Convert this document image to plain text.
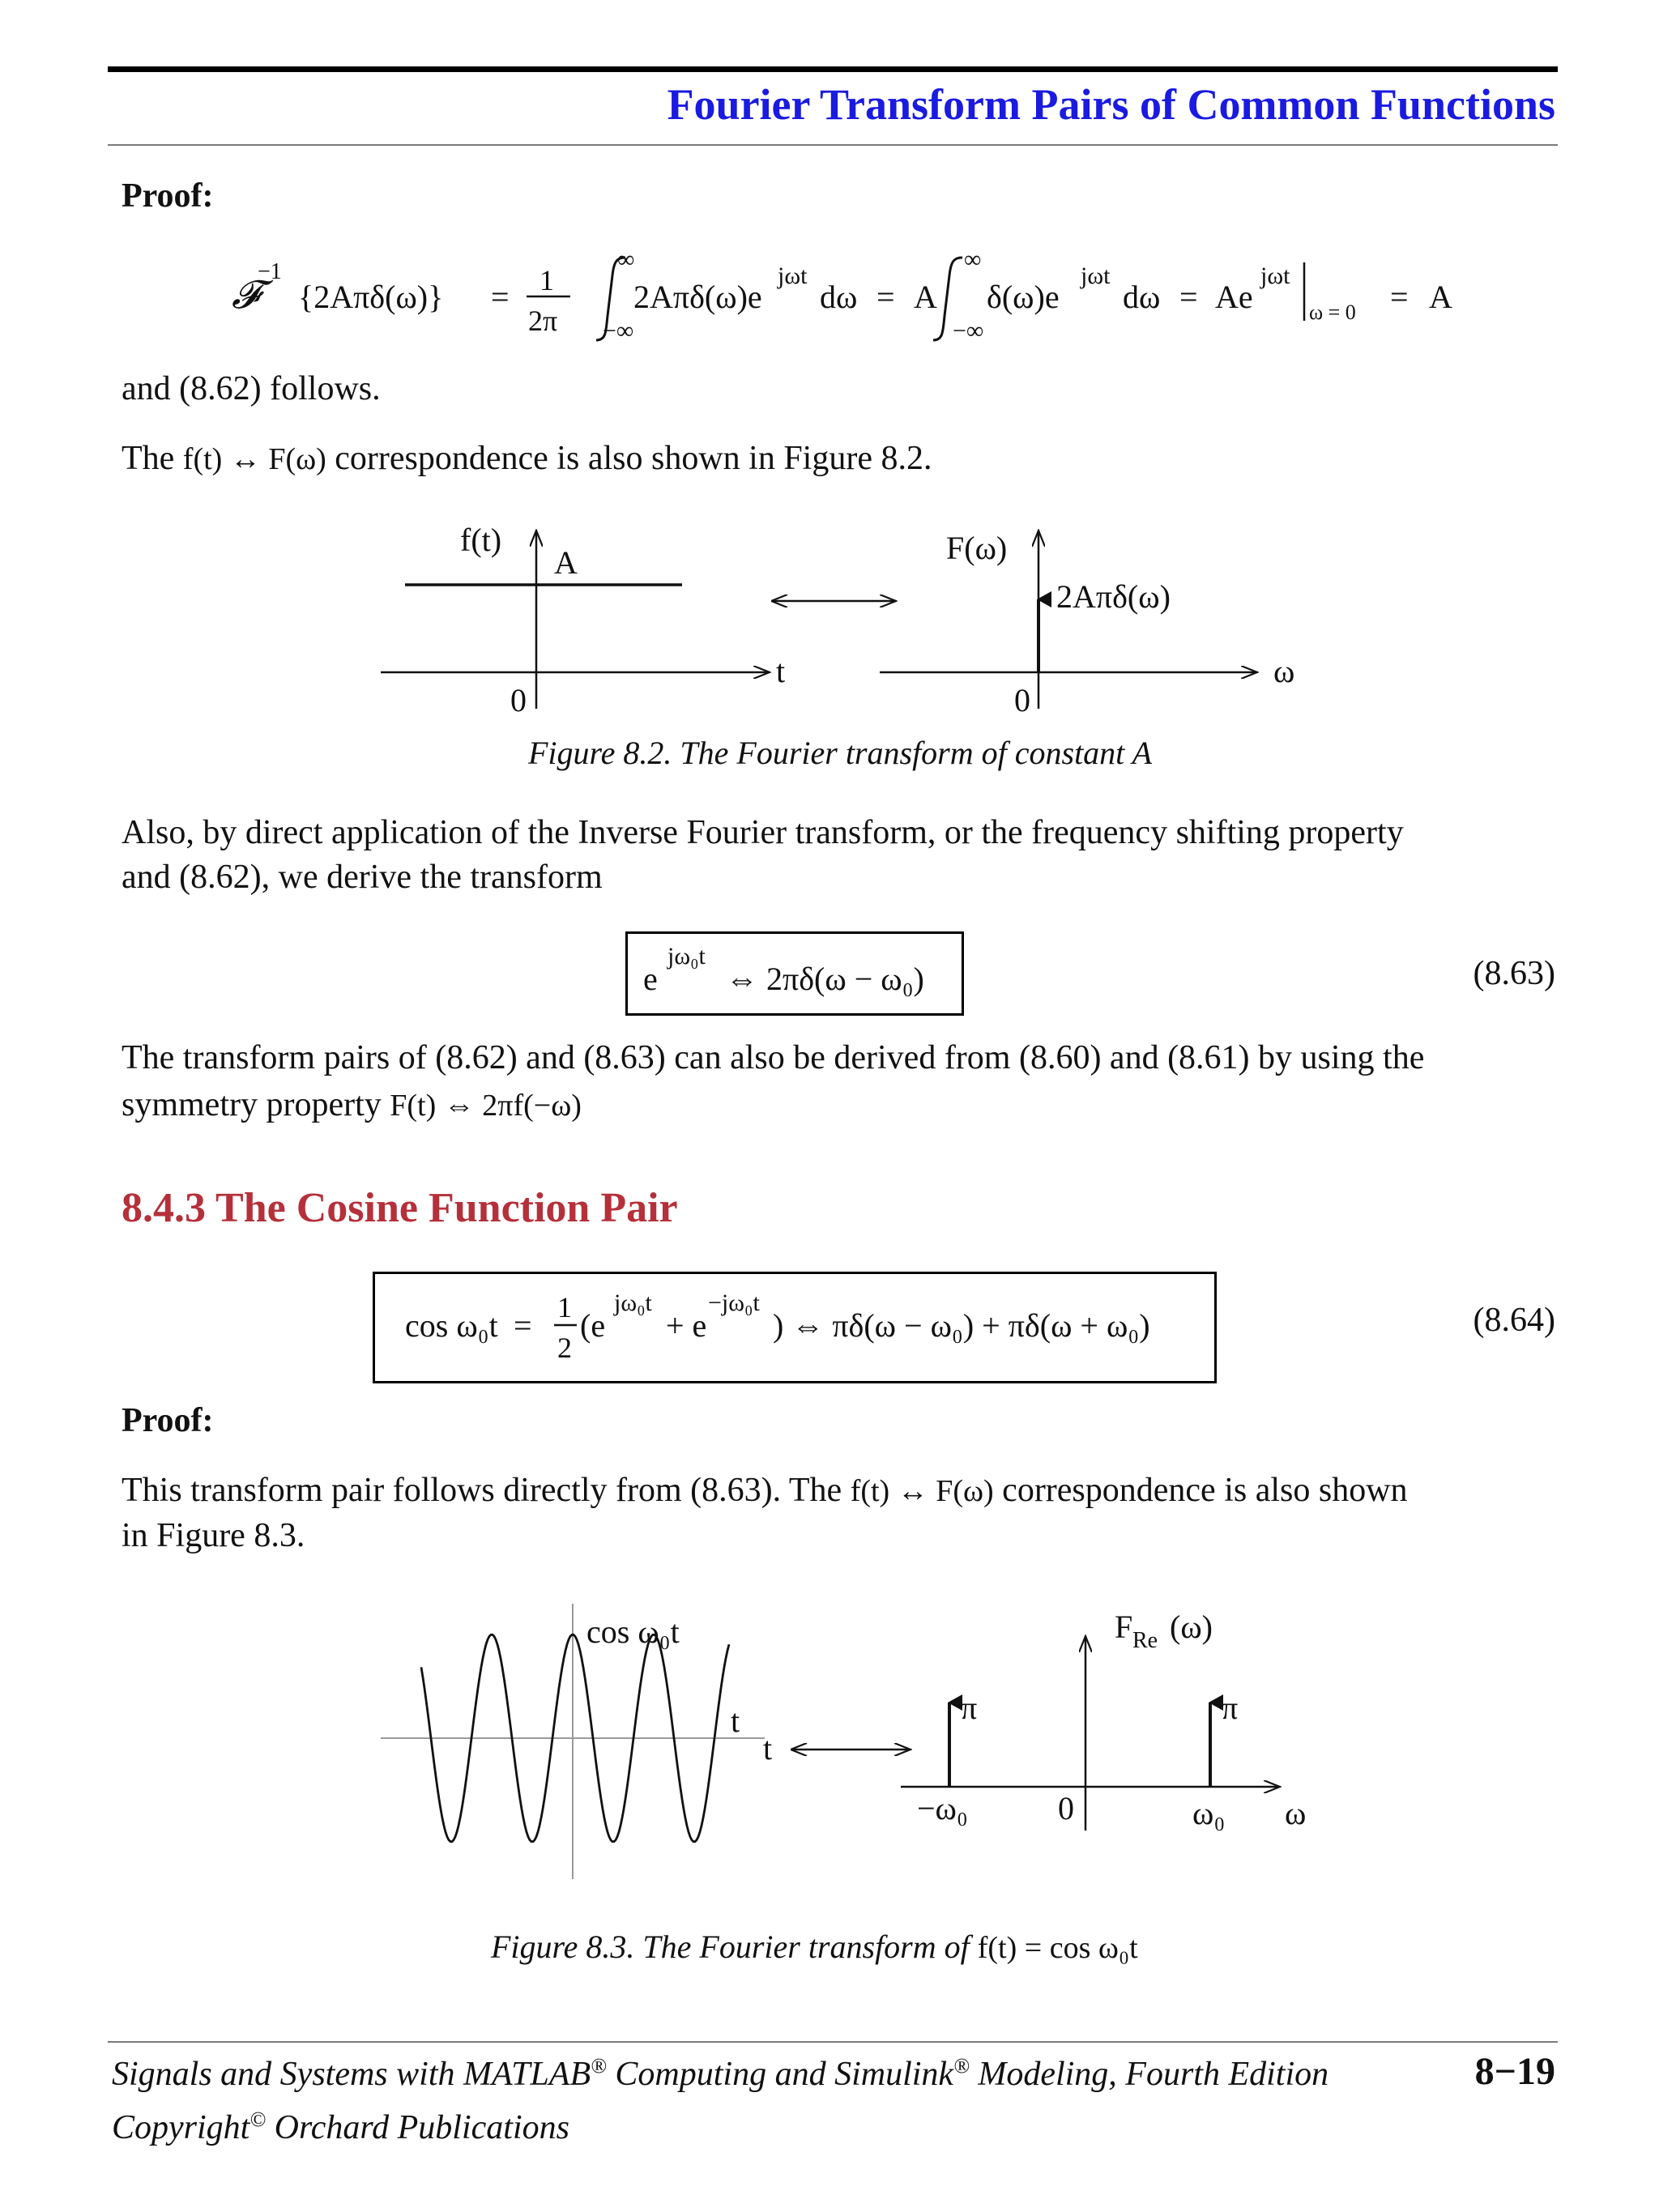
Fourier Transform Pairs of Common Functions
Proof:
𝓕
−1
{2Aπδ(ω)} = 1
2π
∞
−∞
2Aπδ(ω)e
jωt
dω = A
∞
−∞
δ(ω)e
jωt
dω = Ae
jωt
ω = 0 = A
and (8.62) follows.
The f(t) ↔ F(ω) correspondence is also shown in Figure 8.2.
f(t)
A
t
0
F(ω)
2Aπδ(ω)
ω
0
Figure 8.2. The Fourier transform of constant A
Also, by direct application of the Inverse Fourier transform, or the frequency shifting property
and (8.62), we derive the transform
e
jω₀t
⇔ 2πδ(ω − ω₀)	(8.63)
The transform pairs of (8.62) and (8.63) can also be derived from (8.60) and (8.61) by using the
symmetry property F(t) ⇔ 2πf(−ω)
8.4.3 The Cosine Function Pair
cos ω₀t = 1
2
(e
jω₀t
+ e
−jω₀t
) ⇔ πδ(ω − ω₀) + πδ(ω + ω₀)	(8.64)
Proof:
This transform pair follows directly from (8.63). The f(t) ↔ F(ω) correspondence is also shown
in Figure 8.3.
cos ω₀t
t
t
π	π
F Re (ω)
−ω₀	0	ω₀ ω
Figure 8.3. The Fourier transform of f(t) = cos ω₀t
Signals and Systems with MATLAB® Computing and Simulink® Modeling, Fourth Edition	8−19
Copyright© Orchard Publications
